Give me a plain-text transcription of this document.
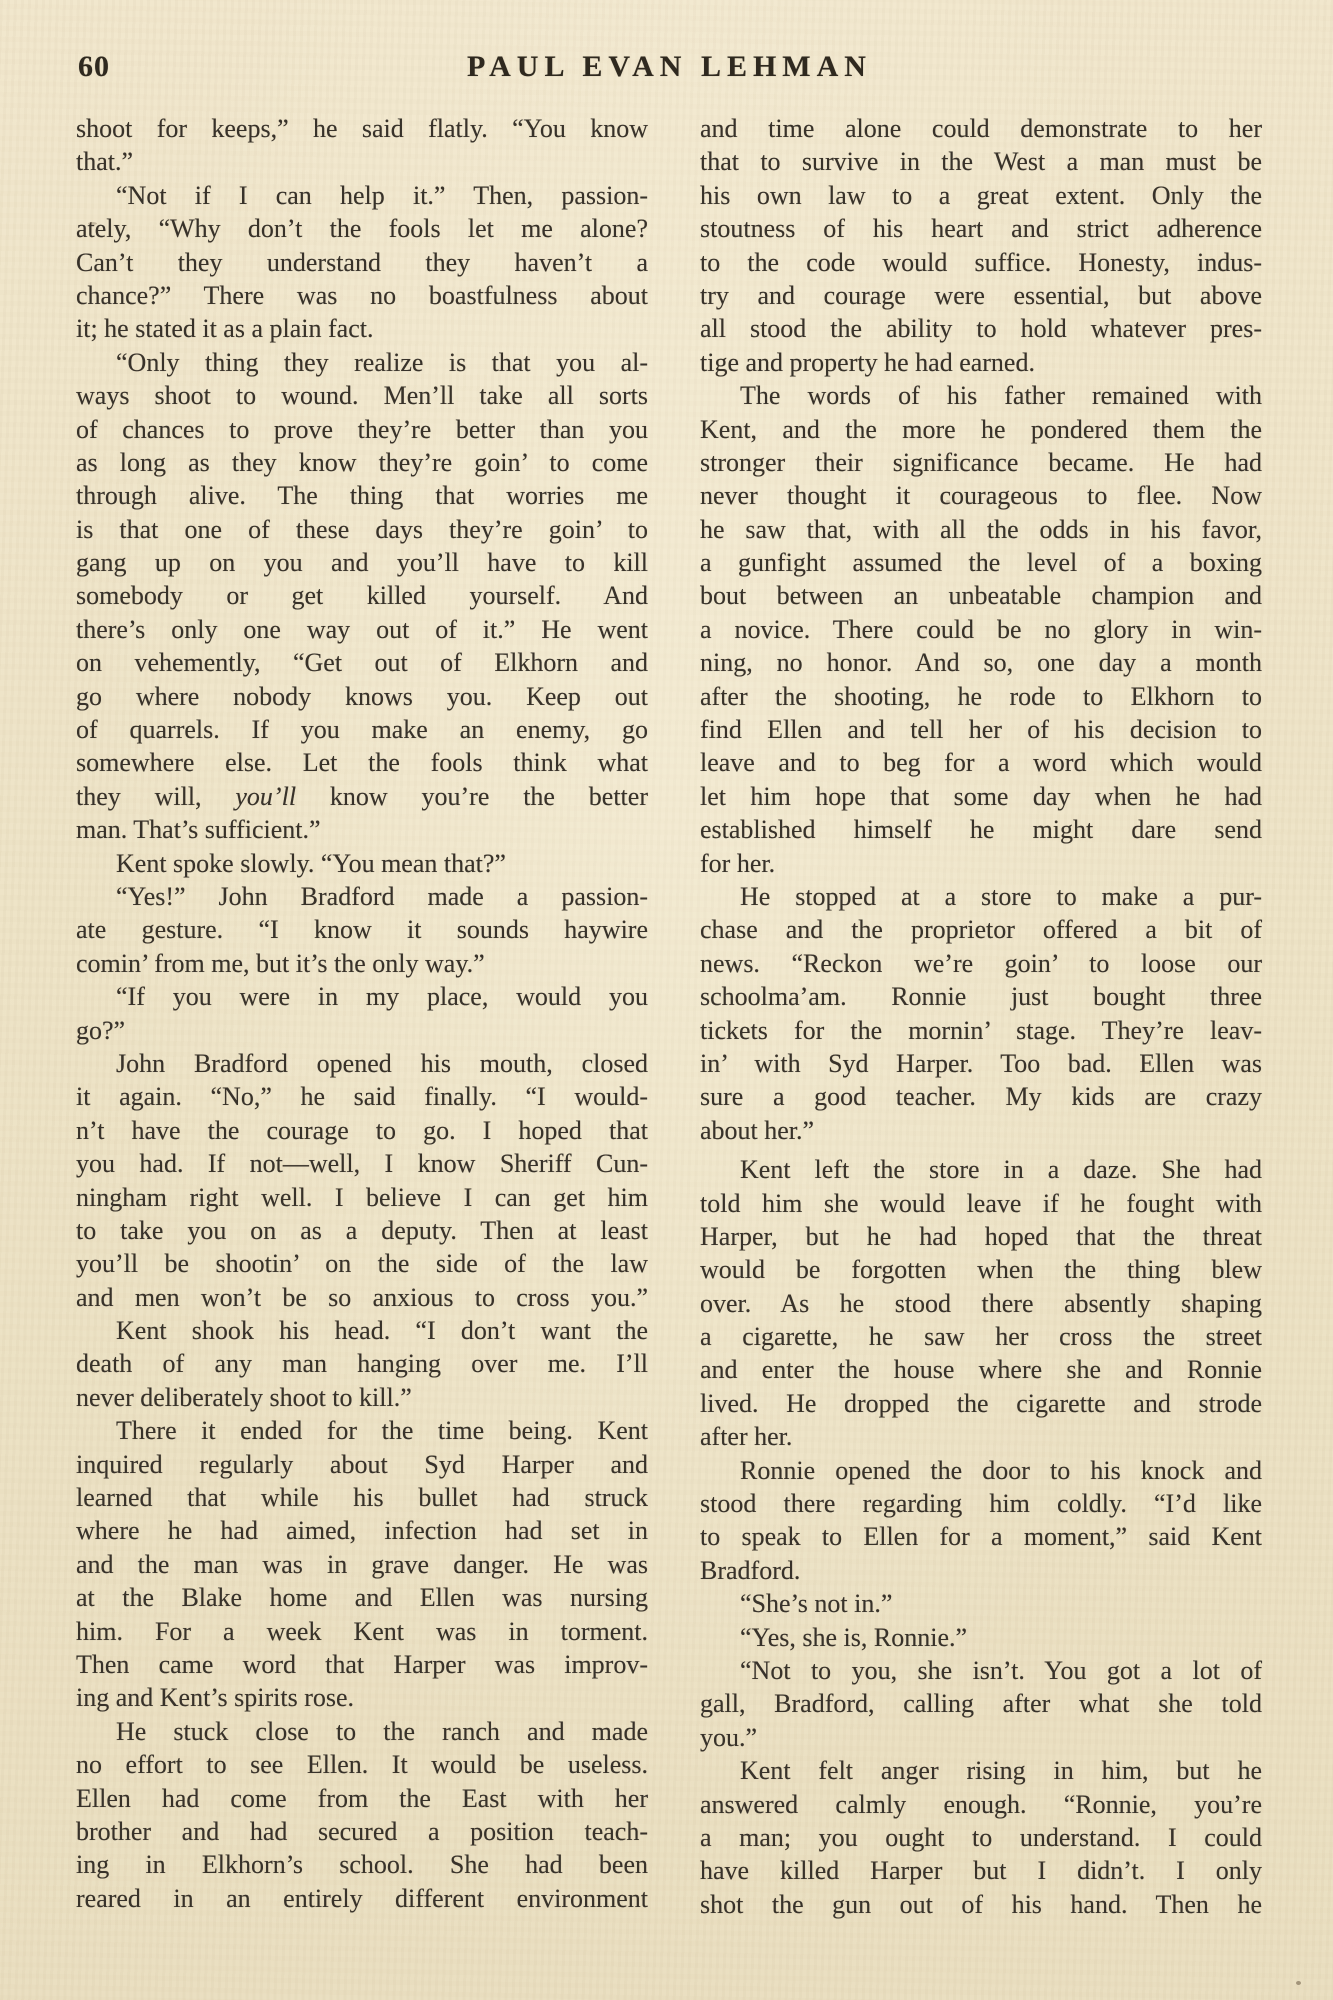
60	PAUL EVAN LEHMAN
shoot for keeps,” he said flatly. “You know
that.”
“Not if I can help it.” Then, passion-
ately, “Why don’t the fools let me alone?
Can’t they understand they haven’t a
chance?” There was no boastfulness about
it; he stated it as a plain fact.
“Only thing they realize is that you al-
ways shoot to wound. Men’ll take all sorts
of chances to prove they’re better than you
as long as they know they’re goin’ to come
through alive. The thing that worries me
is that one of these days they’re goin’ to
gang up on you and you’ll have to kill
somebody or get killed yourself. And
there’s only one way out of it.” He went
on vehemently, “Get out of Elkhorn and
go where nobody knows you. Keep out
of quarrels. If you make an enemy, go
somewhere else. Let the fools think what
they will, you’ll know you’re the better
man. That’s sufficient.”
Kent spoke slowly. “You mean that?”
“Yes!” John Bradford made a passion-
ate gesture. “I know it sounds haywire
comin’ from me, but it’s the only way.”
“If you were in my place, would you
go?”
John Bradford opened his mouth, closed
it again. “No,” he said finally. “I would-
n’t have the courage to go. I hoped that
you had. If not—well, I know Sheriff Cun-
ningham right well. I believe I can get him
to take you on as a deputy. Then at least
you’ll be shootin’ on the side of the law
and men won’t be so anxious to cross you.”
Kent shook his head. “I don’t want the
death of any man hanging over me. I’ll
never deliberately shoot to kill.”
There it ended for the time being. Kent
inquired regularly about Syd Harper and
learned that while his bullet had struck
where he had aimed, infection had set in
and the man was in grave danger. He was
at the Blake home and Ellen was nursing
him. For a week Kent was in torment.
Then came word that Harper was improv-
ing and Kent’s spirits rose.
He stuck close to the ranch and made
no effort to see Ellen. It would be useless.
Ellen had come from the East with her
brother and had secured a position teach-
ing in Elkhorn’s school. She had been
reared in an entirely different environment
and time alone could demonstrate to her
that to survive in the West a man must be
his own law to a great extent. Only the
stoutness of his heart and strict adherence
to the code would suffice. Honesty, indus-
try and courage were essential, but above
all stood the ability to hold whatever pres-
tige and property he had earned.
The words of his father remained with
Kent, and the more he pondered them the
stronger their significance became. He had
never thought it courageous to flee. Now
he saw that, with all the odds in his favor,
a gunfight assumed the level of a boxing
bout between an unbeatable champion and
a novice. There could be no glory in win-
ning, no honor. And so, one day a month
after the shooting, he rode to Elkhorn to
find Ellen and tell her of his decision to
leave and to beg for a word which would
let him hope that some day when he had
established himself he might dare send
for her.
He stopped at a store to make a pur-
chase and the proprietor offered a bit of
news. “Reckon we’re goin’ to loose our
schoolma’am. Ronnie just bought three
tickets for the mornin’ stage. They’re leav-
in’ with Syd Harper. Too bad. Ellen was
sure a good teacher. My kids are crazy
about her.”
Kent left the store in a daze. She had
told him she would leave if he fought with
Harper, but he had hoped that the threat
would be forgotten when the thing blew
over. As he stood there absently shaping
a cigarette, he saw her cross the street
and enter the house where she and Ronnie
lived. He dropped the cigarette and strode
after her.
Ronnie opened the door to his knock and
stood there regarding him coldly. “I’d like
to speak to Ellen for a moment,” said Kent
Bradford.
“She’s not in.”
“Yes, she is, Ronnie.”
“Not to you, she isn’t. You got a lot of
gall, Bradford, calling after what she told
you.”
Kent felt anger rising in him, but he
answered calmly enough. “Ronnie, you’re
a man; you ought to understand. I could
have killed Harper but I didn’t. I only
shot the gun out of his hand. Then he
